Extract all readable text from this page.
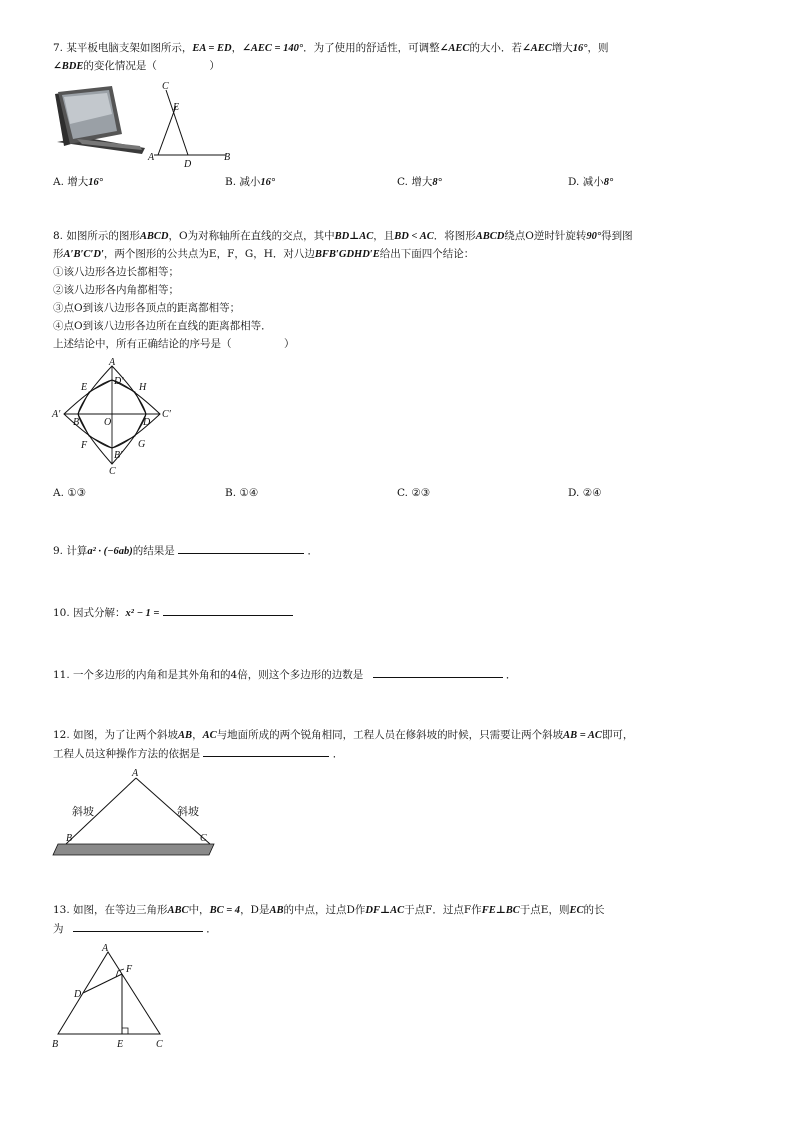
7. 某平板电脑支架如图所示，EA = ED，∠AEC = 140°．为了使用的舒适性，可调整∠AEC的大小．若∠AEC增大16°，则
∠BDE的变化情况是（　　　　　）
C
E
A
D
B
A. 增大16°	B. 减小16°	C. 增大8°	D. 减小8°
8. 如图所示的图形ABCD，O为对称轴所在直线的交点，其中BD⊥AC，且BD < AC．将图形ABCD绕点O逆时针旋转90°得到图
形A′B′C′D′，两个图形的公共点为E，F，G，H．对八边BFB′GDHD′E给出下面四个结论：
①该八边形各边长都相等；
②该八边形各内角都相等；
③点O到该八边形各顶点的距离都相等；
④点O到该八边形各边所在直线的距离都相等．
上述结论中，所有正确结论的序号是（　　　　　）
A
D′
E	H
A′	C′
B O	D
F	G
B′
C
A. ①③	B. ①④	C. ②③	D. ②④
9. 计算a² · (−6ab)的结果是	．
10. 因式分解：x² − 1 =
11. 一个多边形的内角和是其外角和的4倍，则这个多边形的边数是	．
12. 如图，为了让两个斜坡AB，AC与地面所成的两个锐角相同，工程人员在修斜坡的时候，只需要让两个斜坡AB = AC即可，
工程人员这种操作方法的依据是	．
A
B	C
斜坡	斜坡
13. 如图，在等边三角形ABC中，BC = 4，D是AB的中点，过点D作DF⊥AC于点F．过点F作FE⊥BC于点E，则EC的长
为	．
A
F
D
B	E	C
